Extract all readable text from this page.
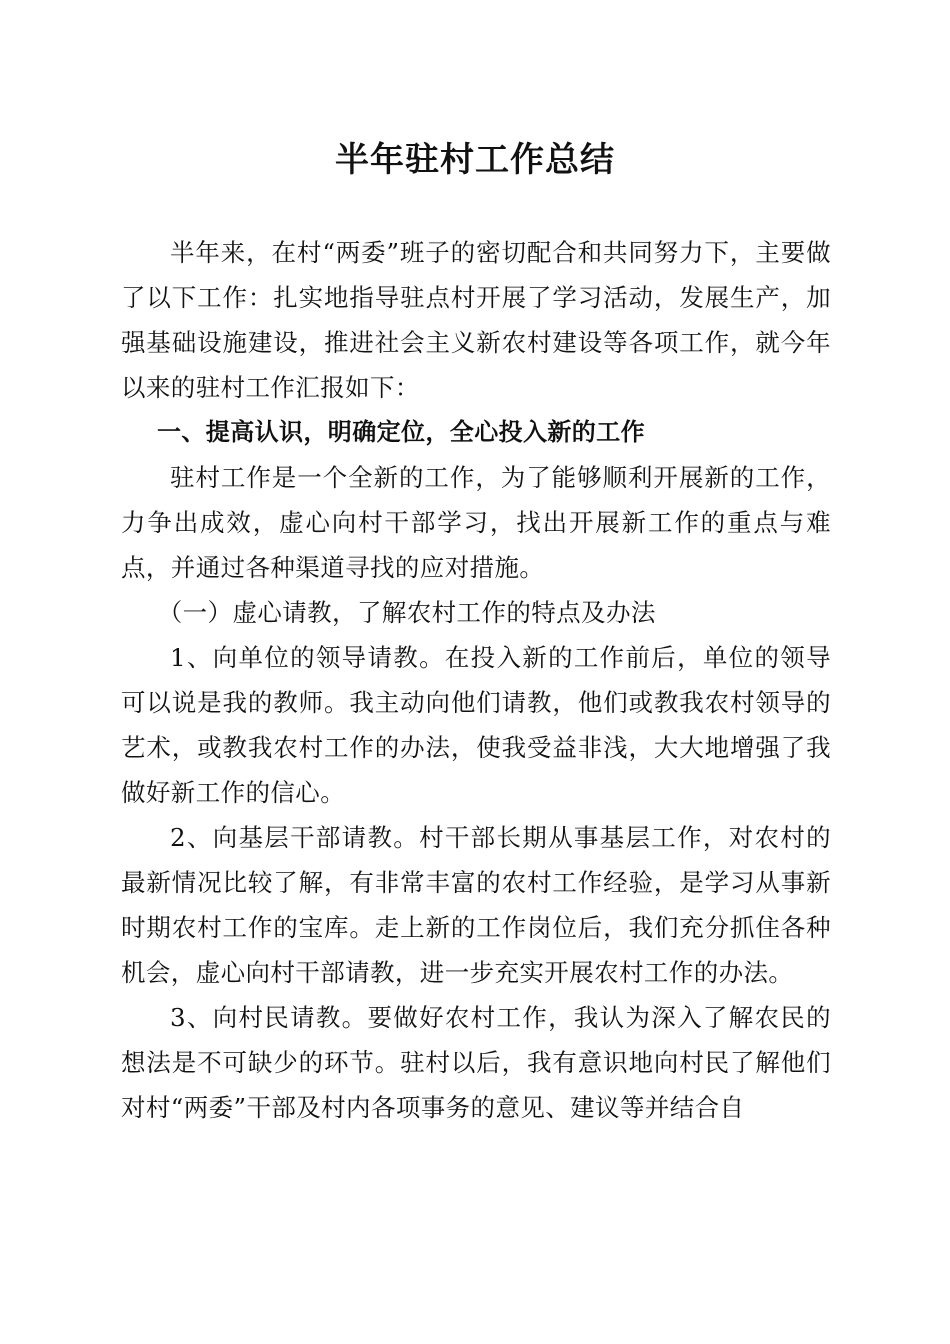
半年驻村工作总结

半年来，在村“两委”班子的密切配合和共同努力下，主要做了以下工作：扎实地指导驻点村开展了学习活动，发展生产，加强基础设施建设，推进社会主义新农村建设等各项工作，就今年以来的驻村工作汇报如下：

一、提高认识，明确定位，全心投入新的工作

驻村工作是一个全新的工作，为了能够顺利开展新的工作，力争出成效，虚心向村干部学习，找出开展新工作的重点与难点，并通过各种渠道寻找的应对措施。

（一）虚心请教，了解农村工作的特点及办法

1、向单位的领导请教。在投入新的工作前后，单位的领导可以说是我的教师。我主动向他们请教，他们或教我农村领导的艺术，或教我农村工作的办法，使我受益非浅，大大地增强了我做好新工作的信心。

2、向基层干部请教。村干部长期从事基层工作，对农村的最新情况比较了解，有非常丰富的农村工作经验，是学习从事新时期农村工作的宝库。走上新的工作岗位后，我们充分抓住各种机会，虚心向村干部请教，进一步充实开展农村工作的办法。

3、向村民请教。要做好农村工作，我认为深入了解农民的想法是不可缺少的环节。驻村以后，我有意识地向村民了解他们对村“两委”干部及村内各项事务的意见、建议等并结合自
